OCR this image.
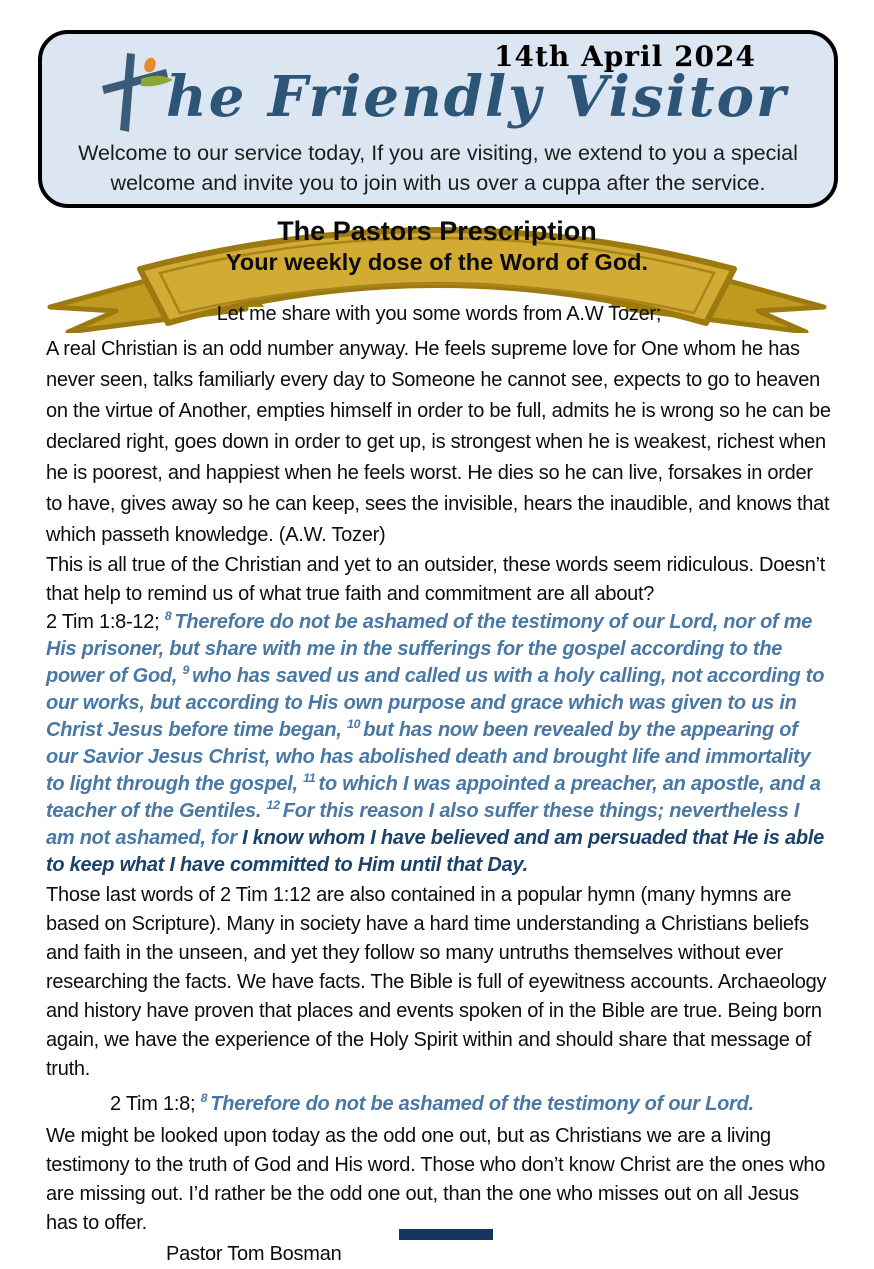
14th April 2024
he Friendly Visitor
Welcome to our service today, If you are visiting, we extend to you a special
welcome and invite you to join with us over a cuppa after the service.
The Pastors Prescription
Your weekly dose of the Word of God.

Let me share with you some words from A.W Tozer;

A real Christian is an odd number anyway. He feels supreme love for One whom he has never seen, talks familiarly every day to Someone he cannot see, expects to go to heaven on the virtue of Another, empties himself in order to be full, admits he is wrong so he can be declared right, goes down in order to get up, is strongest when he is weakest, richest when he is poorest, and happiest when he feels worst. He dies so he can live, forsakes in order to have, gives away so he can keep, sees the invisible, hears the inaudible, and knows that which passeth knowledge. (A.W. Tozer)

This is all true of the Christian and yet to an outsider, these words seem ridiculous. Doesn’t that help to remind us of what true faith and commitment are all about?

2 Tim 1:8-12; $^8$ Therefore do not be ashamed of the testimony of our Lord, nor of me His prisoner, but share with me in the sufferings for the gospel according to the power of God, $^9$ who has saved us and called us with a holy calling, not according to our works, but according to His own purpose and grace which was given to us in Christ Jesus before time began, $^{10}$ but has now been revealed by the appearing of our Savior Jesus Christ, who has abolished death and brought life and immortality to light through the gospel, $^{11}$ to which I was appointed a preacher, an apostle, and a teacher of the Gentiles. $^{12}$ For this reason I also suffer these things; nevertheless I am not ashamed, for I know whom I have believed and am persuaded that He is able to keep what I have committed to Him until that Day.

Those last words of 2 Tim 1:12 are also contained in a popular hymn (many hymns are based on Scripture). Many in society have a hard time understanding a Christians beliefs and faith in the unseen, and yet they follow so many untruths themselves without ever researching the facts. We have facts. The Bible is full of eyewitness accounts. Archaeology and history have proven that places and events spoken of in the Bible are true. Being born again, we have the experience of the Holy Spirit within and should share that message of truth.

2 Tim 1:8; $^8$ Therefore do not be ashamed of the testimony of our Lord.

We might be looked upon today as the odd one out, but as Christians we are a living testimony to the truth of God and His word. Those who don’t know Christ are the ones who are missing out. I’d rather be the odd one out, than the one who misses out on all Jesus has to offer.

Pastor Tom Bosman
